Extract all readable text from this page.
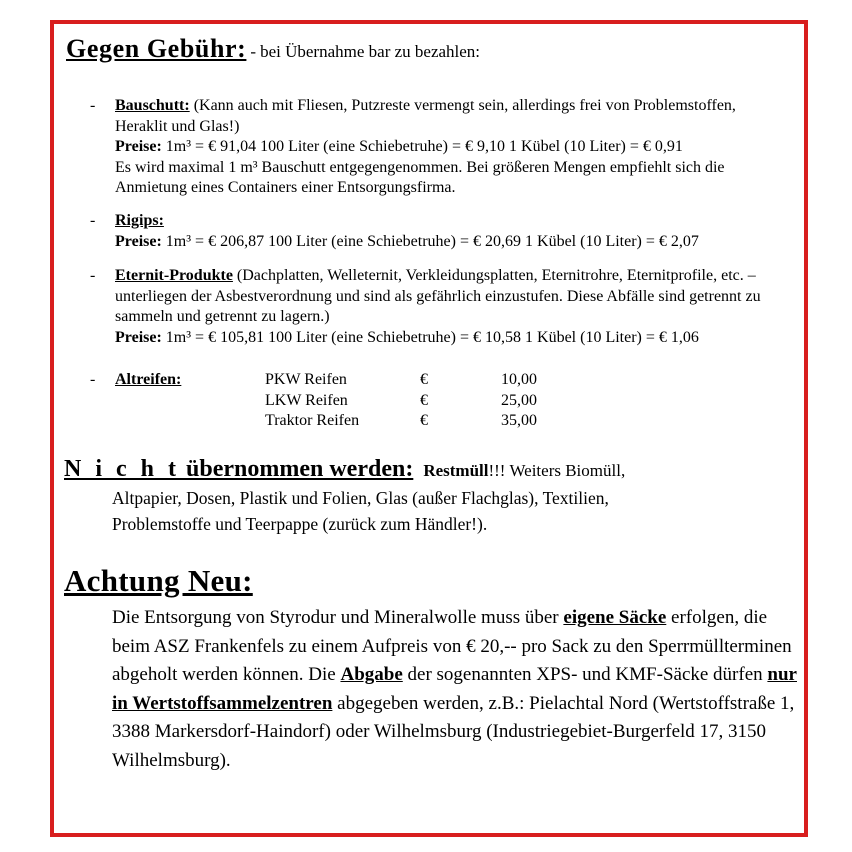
Gegen Gebühr: - bei Übernahme bar zu bezahlen:
-	Bauschutt: (Kann auch mit Fliesen, Putzreste vermengt sein, allerdings frei von Problemstoffen, Heraklit und Glas!)

Preise: 1m³ = € 91,04 100 Liter (eine Schiebetruhe) = € 9,10 1 Kübel (10 Liter) = € 0,91

Es wird maximal 1 m³ Bauschutt entgegengenommen. Bei größeren Mengen empfiehlt sich die Anmietung eines Containers einer Entsorgungsfirma.

-	Rigips:

Preise: 1m³ = € 206,87 100 Liter (eine Schiebetruhe) = € 20,69 1 Kübel (10 Liter) = € 2,07

-	Eternit-Produkte (Dachplatten, Welleternit, Verkleidungsplatten, Eternitrohre, Eternitprofile, etc. – unterliegen der Asbestverordnung und sind als gefährlich einzustufen. Diese Abfälle sind getrennt zu sammeln und getrennt zu lagern.)

Preise: 1m³ = € 105,81 100 Liter (eine Schiebetruhe) = € 10,58 1 Kübel (10 Liter) = € 1,06

-	Altreifen:	PKW Reifen	€	10,00
LKW Reifen	€	25,00
Traktor Reifen	€	35,00
N i c h t übernommen werden: Restmüll!!! Weiters Biomüll,
Altpapier, Dosen, Plastik und Folien, Glas (außer Flachglas), Textilien,
Problemstoffe und Teerpappe (zurück zum Händler!).
Achtung Neu:
Die Entsorgung von Styrodur und Mineralwolle muss über eigene Säcke erfolgen, die beim ASZ Frankenfels zu einem Aufpreis von € 20,-- pro Sack zu den Sperrmüllterminen abgeholt werden können. Die Abgabe der sogenannten XPS- und KMF-Säcke dürfen nur in Wertstoffsammelzentren abgegeben werden, z.B.: Pielachtal Nord (Wertstoffstraße 1, 3388 Markersdorf-Haindorf) oder Wilhelmsburg (Industriegebiet-Burgerfeld 17, 3150 Wilhelmsburg).
